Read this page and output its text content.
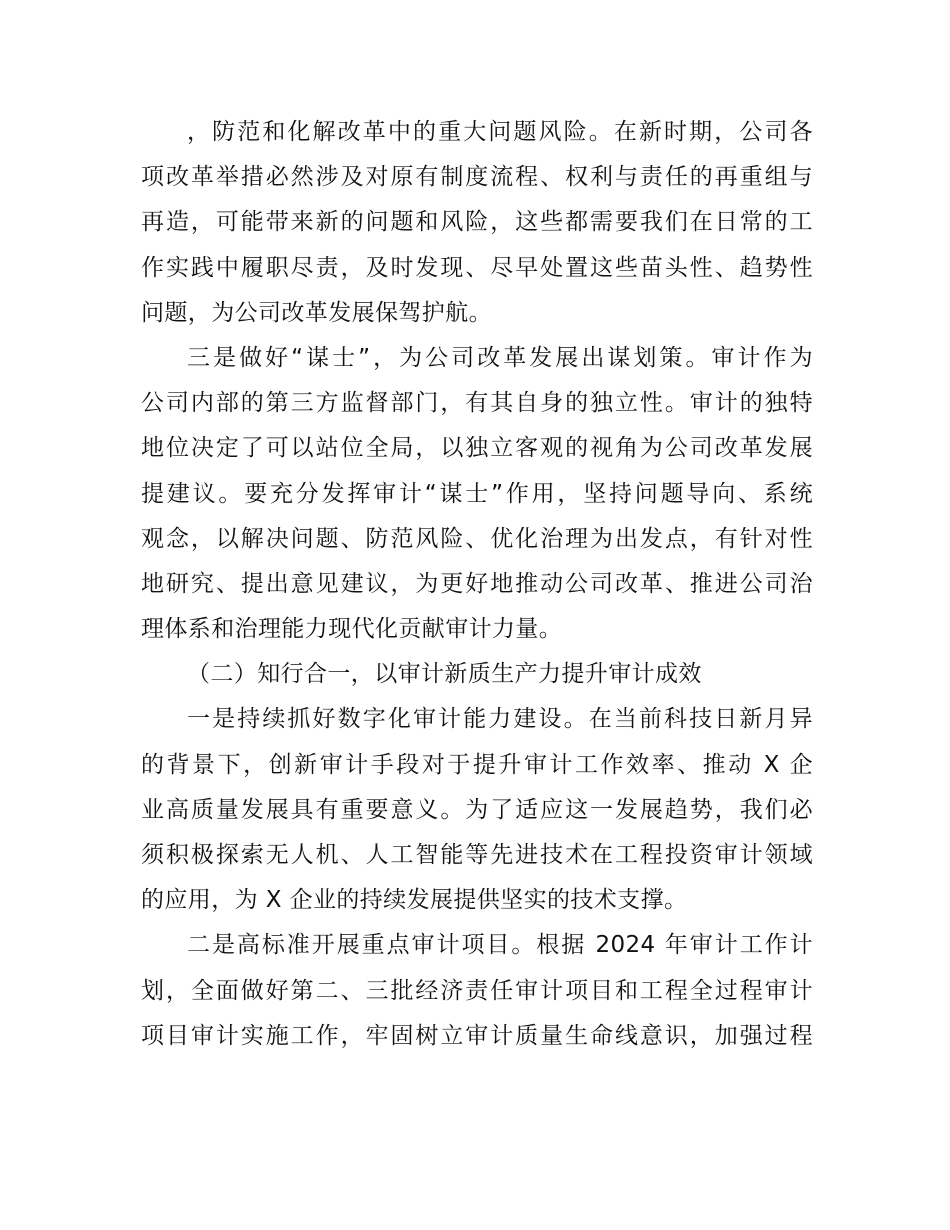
，防范和化解改革中的重大问题风险。在新时期，公司各
项改革举措必然涉及对原有制度流程、权利与责任的再重组与
再造，可能带来新的问题和风险，这些都需要我们在日常的工
作实践中履职尽责，及时发现、尽早处置这些苗头性、趋势性
问题，为公司改革发展保驾护航。
三是做好“谋士”，为公司改革发展出谋划策。审计作为
公司内部的第三方监督部门，有其自身的独立性。审计的独特
地位决定了可以站位全局，以独立客观的视角为公司改革发展
提建议。要充分发挥审计“谋士”作用，坚持问题导向、系统
观念，以解决问题、防范风险、优化治理为出发点，有针对性
地研究、提出意见建议，为更好地推动公司改革、推进公司治
理体系和治理能力现代化贡献审计力量。
（二）知行合一，以审计新质生产力提升审计成效
一是持续抓好数字化审计能力建设。在当前科技日新月异
的背景下，创新审计手段对于提升审计工作效率、推动 X 企
业高质量发展具有重要意义。为了适应这一发展趋势，我们必
须积极探索无人机、人工智能等先进技术在工程投资审计领域
的应用，为 X 企业的持续发展提供坚实的技术支撑。
二是高标准开展重点审计项目。根据 2024 年审计工作计
划，全面做好第二、三批经济责任审计项目和工程全过程审计
项目审计实施工作，牢固树立审计质量生命线意识，加强过程
